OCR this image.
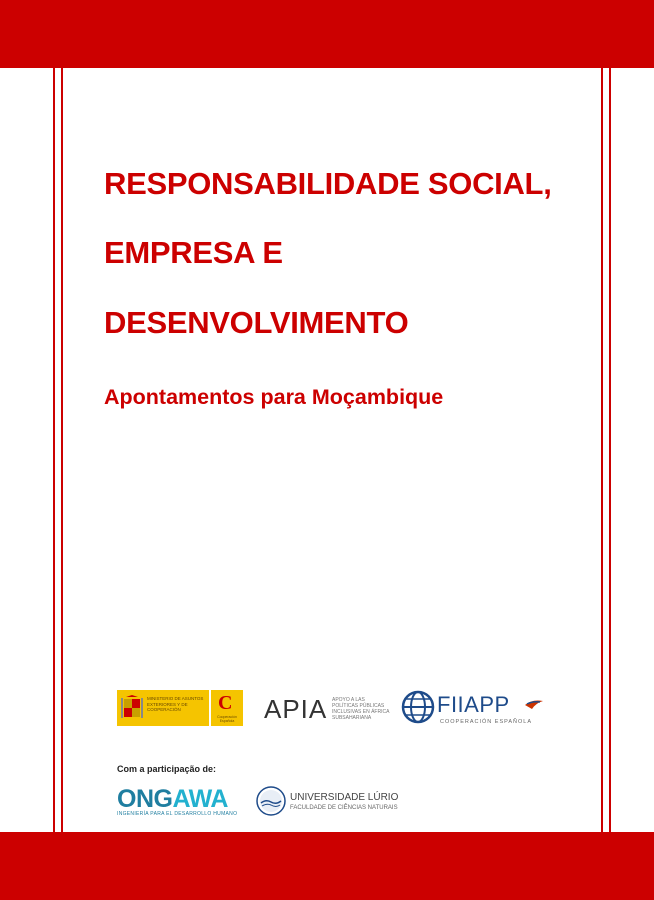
RESPONSABILIDADE SOCIAL,
EMPRESA E
DESENVOLVIMENTO
Apontamentos para Moçambique
MINISTERIO DE ASUNTOS EXTERIORES Y DE COOPERACIÓN	C
Cooperación Española APIA APOYO A LAS POLÍTICAS PÚBLICAS INCLUSIVAS EN ÁFRICA SUBSAHARIANA
FIIAPP
COOPERACIÓN ESPAÑOLA

Com a participação de:

ONGAWA
INGENIERÍA PARA EL DESARROLLO HUMANO
UNIVERSIDADE LÚRIO
FACULDADE DE CIÊNCIAS NATURAIS
